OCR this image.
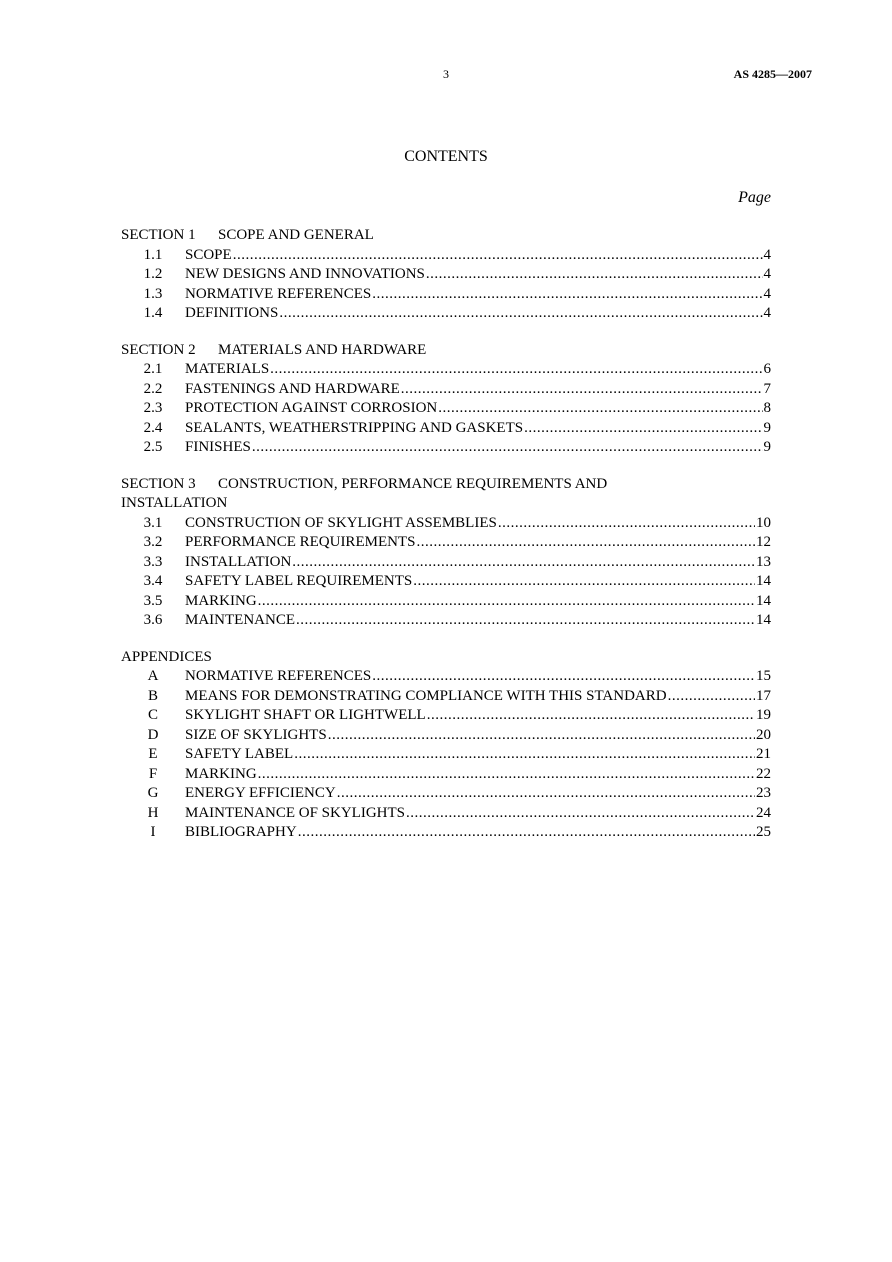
3	AS 4285—2007
CONTENTS
Page
SECTION 1 SCOPE AND GENERAL
1.1	SCOPE .....	4
1.2	NEW DESIGNS AND INNOVATIONS .....	4
1.3	NORMATIVE REFERENCES .....	4
1.4	DEFINITIONS .....	4
SECTION 2 MATERIALS AND HARDWARE
2.1	MATERIALS .....	6
2.2	FASTENINGS AND HARDWARE .....	7
2.3	PROTECTION AGAINST CORROSION .....	8
2.4	SEALANTS, WEATHERSTRIPPING AND GASKETS .....	9
2.5	FINISHES .....	9
SECTION 3 CONSTRUCTION, PERFORMANCE REQUIREMENTS AND INSTALLATION
3.1	CONSTRUCTION OF SKYLIGHT ASSEMBLIES .....	10
3.2	PERFORMANCE REQUIREMENTS .....	12
3.3	INSTALLATION .....	13
3.4	SAFETY LABEL REQUIREMENTS .....	14
3.5	MARKING .....	14
3.6	MAINTENANCE .....	14
APPENDICES
A	NORMATIVE REFERENCES .....	15
B	MEANS FOR DEMONSTRATING COMPLIANCE WITH THIS STANDARD .....	17
C	SKYLIGHT SHAFT OR LIGHTWELL .....	19
D	SIZE OF SKYLIGHTS .....	20
E	SAFETY LABEL .....	21
F	MARKING .....	22
G	ENERGY EFFICIENCY .....	23
H	MAINTENANCE OF SKYLIGHTS .....	24
I	BIBLIOGRAPHY .....	25
